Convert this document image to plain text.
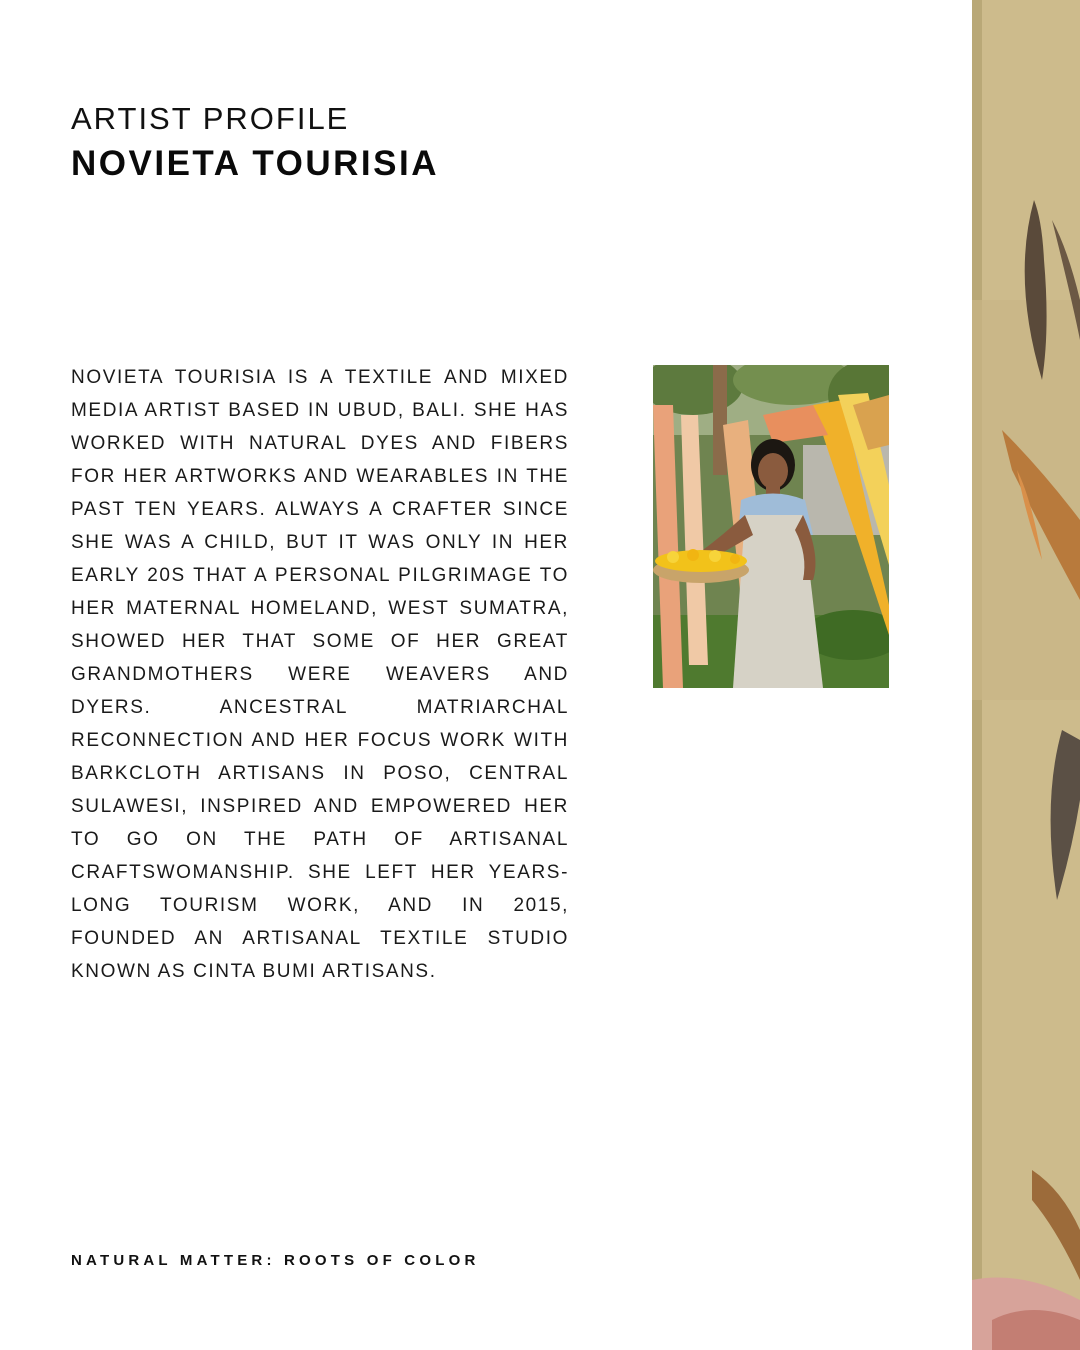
ARTIST PROFILE
NOVIETA TOURISIA

NOVIETA TOURISIA IS A TEXTILE AND MIXED MEDIA ARTIST BASED IN UBUD, BALI. SHE HAS WORKED WITH NATURAL DYES AND FIBERS FOR HER ARTWORKS AND WEARABLES IN THE PAST TEN YEARS. ALWAYS A CRAFTER SINCE SHE WAS A CHILD, BUT IT WAS ONLY IN HER EARLY 20S THAT A PERSONAL PILGRIMAGE TO HER MATERNAL HOMELAND, WEST SUMATRA, SHOWED HER THAT SOME OF HER GREAT GRANDMOTHERS WERE WEAVERS AND DYERS. ANCESTRAL MATRIARCHAL RECONNECTION AND HER FOCUS WORK WITH BARKCLOTH ARTISANS IN POSO, CENTRAL SULAWESI, INSPIRED AND EMPOWERED HER TO GO ON THE PATH OF ARTISANAL CRAFTSWOMANSHIP. SHE LEFT HER YEARS-LONG TOURISM WORK, AND IN 2015, FOUNDED AN ARTISANAL TEXTILE STUDIO KNOWN AS CINTA BUMI ARTISANS.

NATURAL MATTER: ROOTS OF COLOR
